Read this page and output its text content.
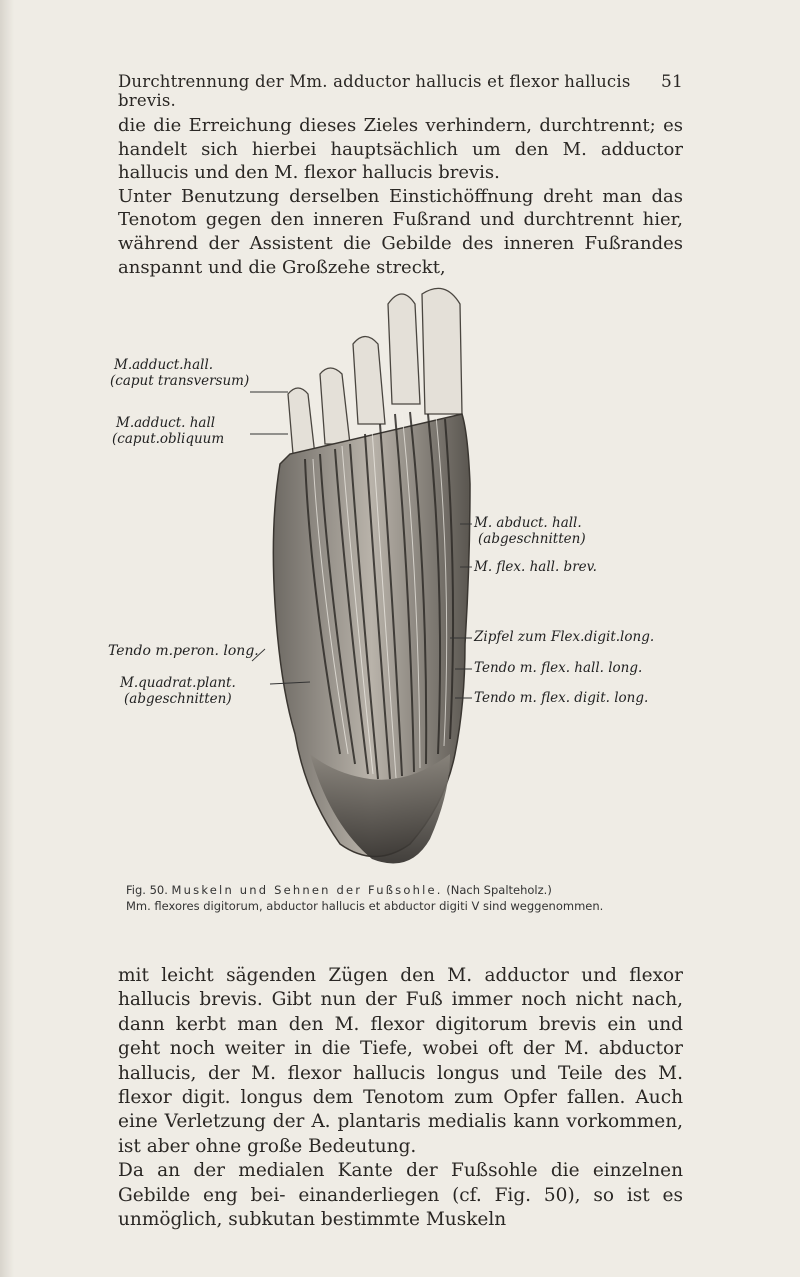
Durchtrennung der Mm. adductor hallucis et flexor hallucis brevis.
51

die die Erreichung dieses Zieles verhindern, durchtrennt; es handelt sich hierbei hauptsächlich um den M. adductor hallucis und den M. flexor hallucis brevis.

Unter Benutzung derselben Einstichöffnung dreht man das Tenotom gegen den inneren Fußrand und durchtrennt hier, während der Assistent die Gebilde des inneren Fußrandes anspannt und die Großzehe streckt,

M.adduct.hall.
(caput transversum)
M.adduct. hall
(caput.obliquum
Tendo m.peron. long.
M.quadrat.plant.
(abgeschnitten)
M. abduct. hall.
(abgeschnitten)
M. flex. hall. brev.
Zipfel zum Flex.digit.long.
Tendo m. flex. hall. long.
Tendo m. flex. digit. long.
Fig. 50. Muskeln und Sehnen der Fußsohle. (Nach Spalteholz.)
Mm. flexores digitorum, abductor hallucis et abductor digiti V sind weggenommen.

mit leicht sägenden Zügen den M. adductor und flexor hallucis brevis. Gibt nun der Fuß immer noch nicht nach, dann kerbt man den M. flexor digitorum brevis ein und geht noch weiter in die Tiefe, wobei oft der M. abductor hallucis, der M. flexor hallucis longus und Teile des M. flexor digit. longus dem Tenotom zum Opfer fallen. Auch eine Verletzung der A. plantaris medialis kann vorkommen, ist aber ohne große Bedeutung.

Da an der medialen Kante der Fußsohle die einzelnen Gebilde eng bei- einanderliegen (cf. Fig. 50), so ist es unmöglich, subkutan bestimmte Muskeln
